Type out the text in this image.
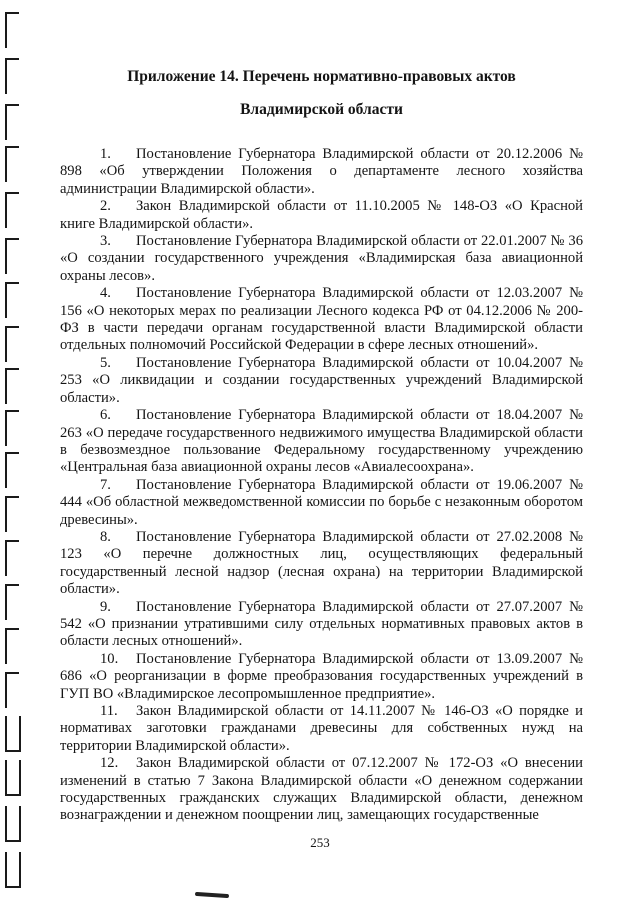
Приложение 14. Перечень нормативно-правовых актов

Владимирской области

1. Постановление Губернатора Владимирской области от 20.12.2006 № 898 «Об утверждении Положения о департаменте лесного хозяйства администрации Владимирской области».

2. Закон Владимирской области от 11.10.2005 № 148-ОЗ «О Красной книге Владимирской области».

3. Постановление Губернатора Владимирской области от 22.01.2007 № 36 «О создании государственного учреждения «Владимирская база авиационной охраны лесов».

4. Постановление Губернатора Владимирской области от 12.03.2007 № 156 «О некоторых мерах по реализации Лесного кодекса РФ от 04.12.2006 № 200-ФЗ в части передачи органам государственной власти Владимирской области отдельных полномочий Российской Федерации в сфере лесных отношений».

5. Постановление Губернатора Владимирской области от 10.04.2007 № 253 «О ликвидации и создании государственных учреждений Владимирской области».

6. Постановление Губернатора Владимирской области от 18.04.2007 № 263 «О передаче государственного недвижимого имущества Владимирской области в безвозмездное пользование Федеральному государственному учреждению «Центральная база авиационной охраны лесов «Авиалесоохрана».

7. Постановление Губернатора Владимирской области от 19.06.2007 № 444 «Об областной межведомственной комиссии по борьбе с незаконным оборотом древесины».

8. Постановление Губернатора Владимирской области от 27.02.2008 № 123 «О перечне должностных лиц, осуществляющих федеральный государственный лесной надзор (лесная охрана) на территории Владимирской области».

9. Постановление Губернатора Владимирской области от 27.07.2007 № 542 «О признании утратившими силу отдельных нормативных правовых актов в области лесных отношений».

10. Постановление Губернатора Владимирской области от 13.09.2007 № 686 «О реорганизации в форме преобразования государственных учреждений в ГУП ВО «Владимирское лесопромышленное предприятие».

11. Закон Владимирской области от 14.11.2007 № 146-ОЗ «О порядке и нормативах заготовки гражданами древесины для собственных нужд на территории Владимирской области».

12. Закон Владимирской области от 07.12.2007 № 172-ОЗ «О внесении изменений в статью 7 Закона Владимирской области «О денежном содержании государственных гражданских служащих Владимирской области, денежном вознаграждении и денежном поощрении лиц, замещающих государственные

253
